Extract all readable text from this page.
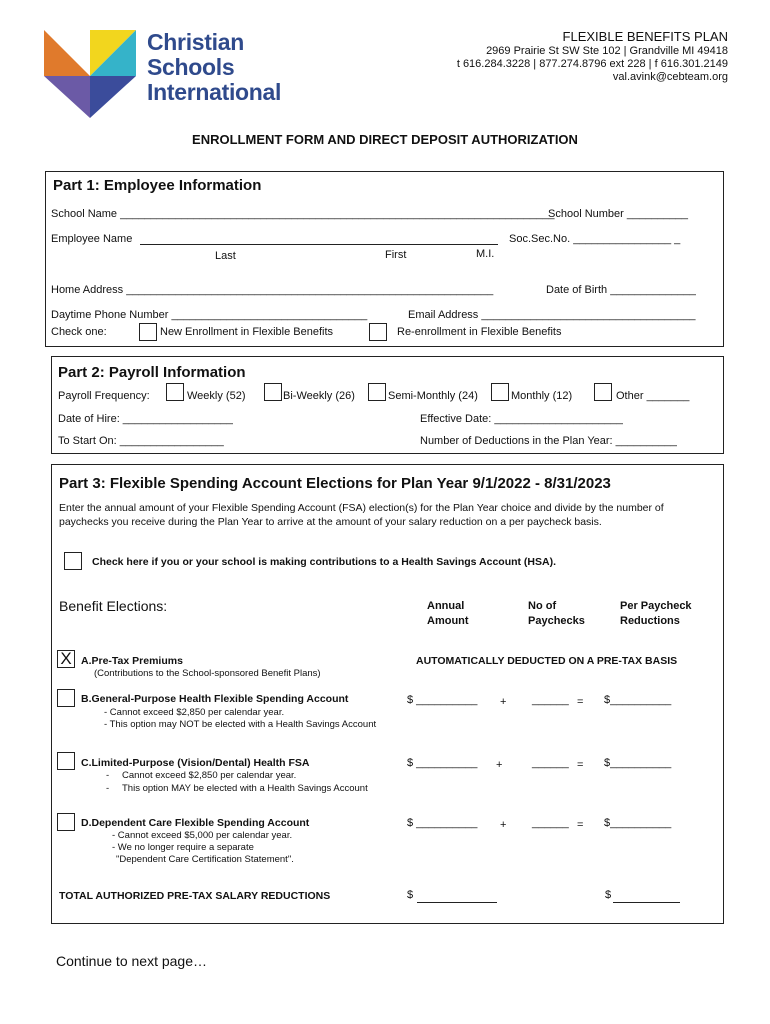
Christian
Schools
International
FLEXIBLE BENEFITS PLAN
2969 Prairie St SW Ste 102 | Grandville MI 49418
t 616.284.3228 | 877.274.8796 ext 228 | f 616.301.2149
val.avink@cebteam.org
ENROLLMENT FORM AND DIRECT DEPOSIT AUTHORIZATION
Part 1: Employee Information
School Name _______________________________________________________________________
School Number __________
Employee Name	Soc.Sec.No. ________________ _
Last	First	M.I.
Home Address ____________________________________________________________	Date of Birth ______________
Daytime Phone Number ________________________________	Email Address ___________________________________
Check one:	New Enrollment in Flexible Benefits	Re-enrollment in Flexible Benefits
Part 2: Payroll Information
Payroll Frequency:	Weekly (52)	Bi-Weekly (26)	Semi-Monthly (24)	Monthly (12)	Other _______
Date of Hire: __________________	Effective Date: _____________________
To Start On: _________________	Number of Deductions in the Plan Year: __________
Part 3: Flexible Spending Account Elections for Plan Year 9/1/2022 - 8/31/2023
Enter the annual amount of your Flexible Spending Account (FSA) election(s) for the Plan Year choice and divide by the number of
paychecks you receive during the Plan Year to arrive at the amount of your salary reduction on a per paycheck basis.
Check here if you or your school is making contributions to a Health Savings Account (HSA).
Benefit Elections:	Annual
Amount
No of
Paychecks
Per Paycheck
Reductions
X A.Pre-Tax Premiums
(Contributions to the School-sponsored Benefit Plans)
AUTOMATICALLY DEDUCTED ON A PRE-TAX BASIS
B.General-Purpose Health Flexible Spending Account
- Cannot exceed $2,850 per calendar year.
- This option may NOT be elected with a Health Savings Account
$ __________ + ______ = $__________
C.Limited-Purpose (Vision/Dental) Health FSA
- Cannot exceed $2,850 per calendar year.
- This option MAY be elected with a Health Savings Account
$ __________ +	______ = $__________
D.Dependent Care Flexible Spending Account
- Cannot exceed $5,000 per calendar year.
- We no longer require a separate
"Dependent Care Certification Statement".
$ __________ + ______ = $__________
TOTAL AUTHORIZED PRE-TAX SALARY REDUCTIONS	$	$
Continue to next page…
